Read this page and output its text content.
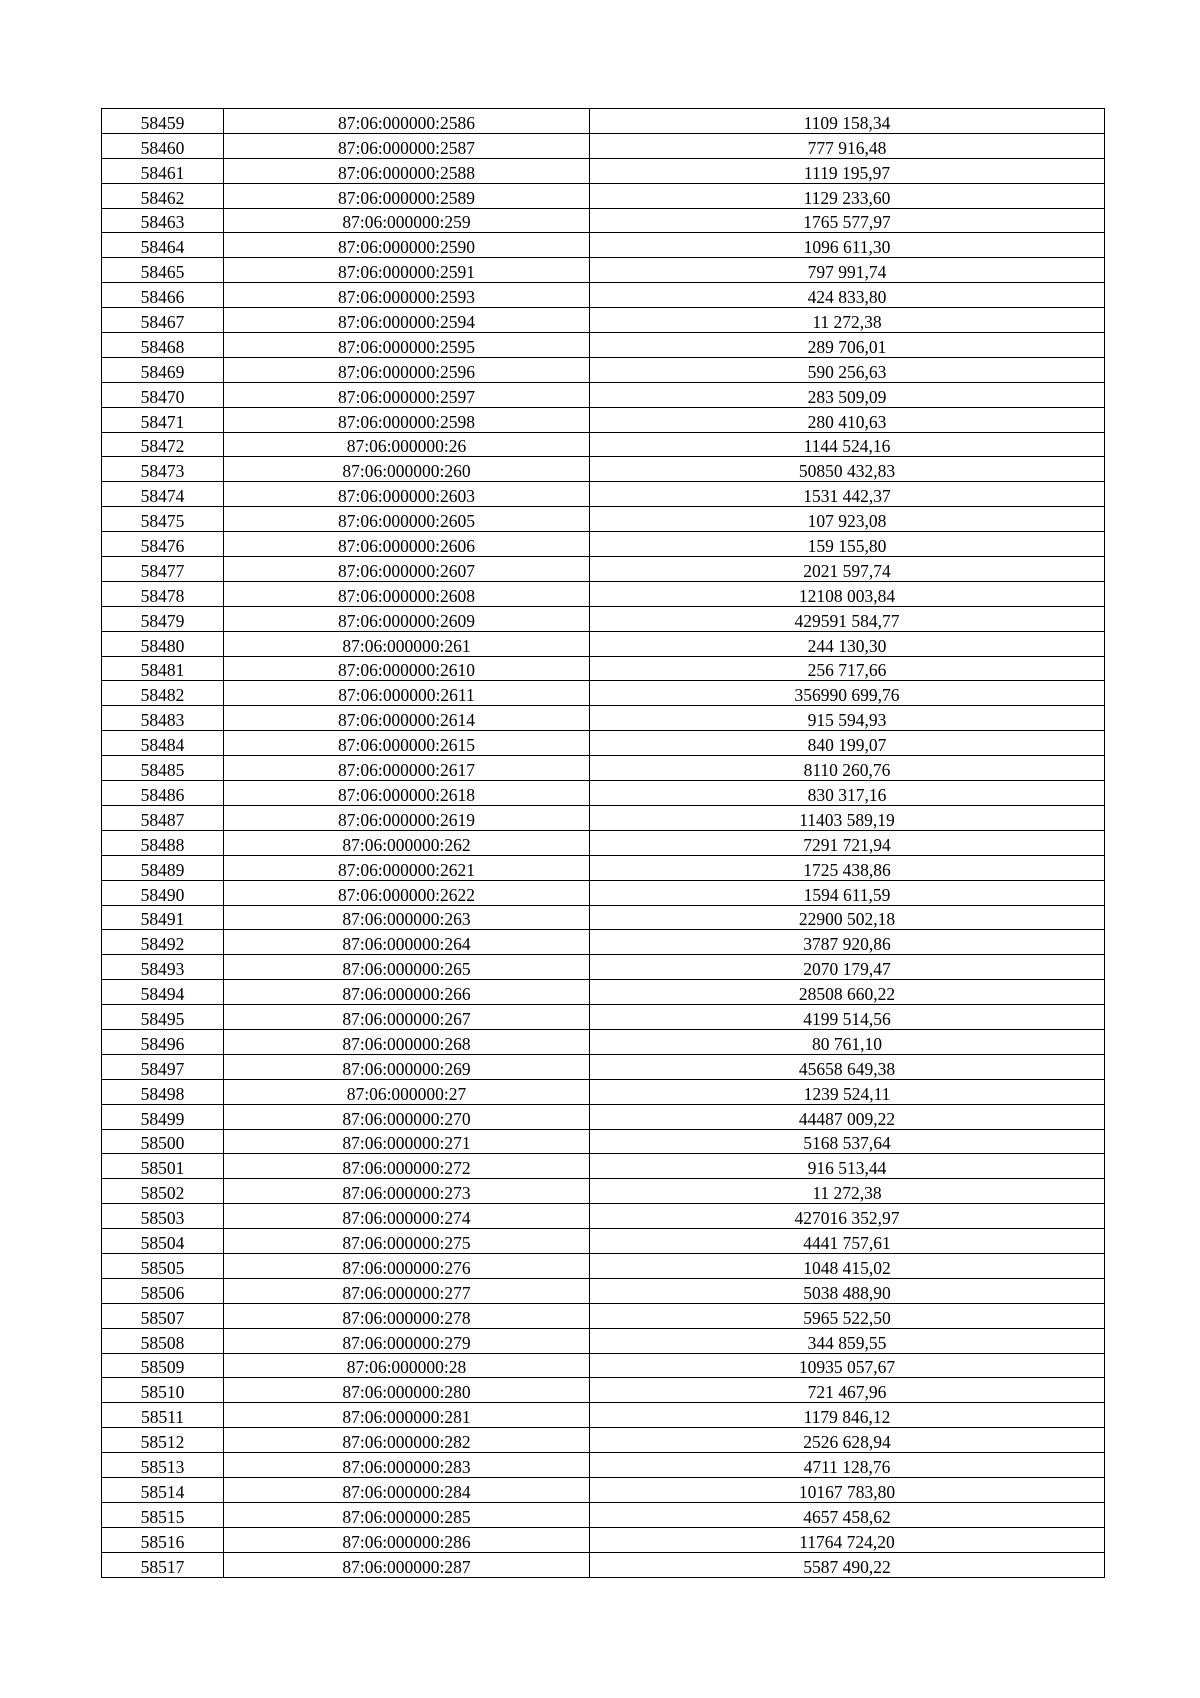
58459	87:06:000000:2586	1109 158,34
58460	87:06:000000:2587	777 916,48
58461	87:06:000000:2588	1119 195,97
58462	87:06:000000:2589	1129 233,60
58463	87:06:000000:259	1765 577,97
58464	87:06:000000:2590	1096 611,30
58465	87:06:000000:2591	797 991,74
58466	87:06:000000:2593	424 833,80
58467	87:06:000000:2594	11 272,38
58468	87:06:000000:2595	289 706,01
58469	87:06:000000:2596	590 256,63
58470	87:06:000000:2597	283 509,09
58471	87:06:000000:2598	280 410,63
58472	87:06:000000:26	1144 524,16
58473	87:06:000000:260	50850 432,83
58474	87:06:000000:2603	1531 442,37
58475	87:06:000000:2605	107 923,08
58476	87:06:000000:2606	159 155,80
58477	87:06:000000:2607	2021 597,74
58478	87:06:000000:2608	12108 003,84
58479	87:06:000000:2609	429591 584,77
58480	87:06:000000:261	244 130,30
58481	87:06:000000:2610	256 717,66
58482	87:06:000000:2611	356990 699,76
58483	87:06:000000:2614	915 594,93
58484	87:06:000000:2615	840 199,07
58485	87:06:000000:2617	8110 260,76
58486	87:06:000000:2618	830 317,16
58487	87:06:000000:2619	11403 589,19
58488	87:06:000000:262	7291 721,94
58489	87:06:000000:2621	1725 438,86
58490	87:06:000000:2622	1594 611,59
58491	87:06:000000:263	22900 502,18
58492	87:06:000000:264	3787 920,86
58493	87:06:000000:265	2070 179,47
58494	87:06:000000:266	28508 660,22
58495	87:06:000000:267	4199 514,56
58496	87:06:000000:268	80 761,10
58497	87:06:000000:269	45658 649,38
58498	87:06:000000:27	1239 524,11
58499	87:06:000000:270	44487 009,22
58500	87:06:000000:271	5168 537,64
58501	87:06:000000:272	916 513,44
58502	87:06:000000:273	11 272,38
58503	87:06:000000:274	427016 352,97
58504	87:06:000000:275	4441 757,61
58505	87:06:000000:276	1048 415,02
58506	87:06:000000:277	5038 488,90
58507	87:06:000000:278	5965 522,50
58508	87:06:000000:279	344 859,55
58509	87:06:000000:28	10935 057,67
58510	87:06:000000:280	721 467,96
58511	87:06:000000:281	1179 846,12
58512	87:06:000000:282	2526 628,94
58513	87:06:000000:283	4711 128,76
58514	87:06:000000:284	10167 783,80
58515	87:06:000000:285	4657 458,62
58516	87:06:000000:286	11764 724,20
58517	87:06:000000:287	5587 490,22
